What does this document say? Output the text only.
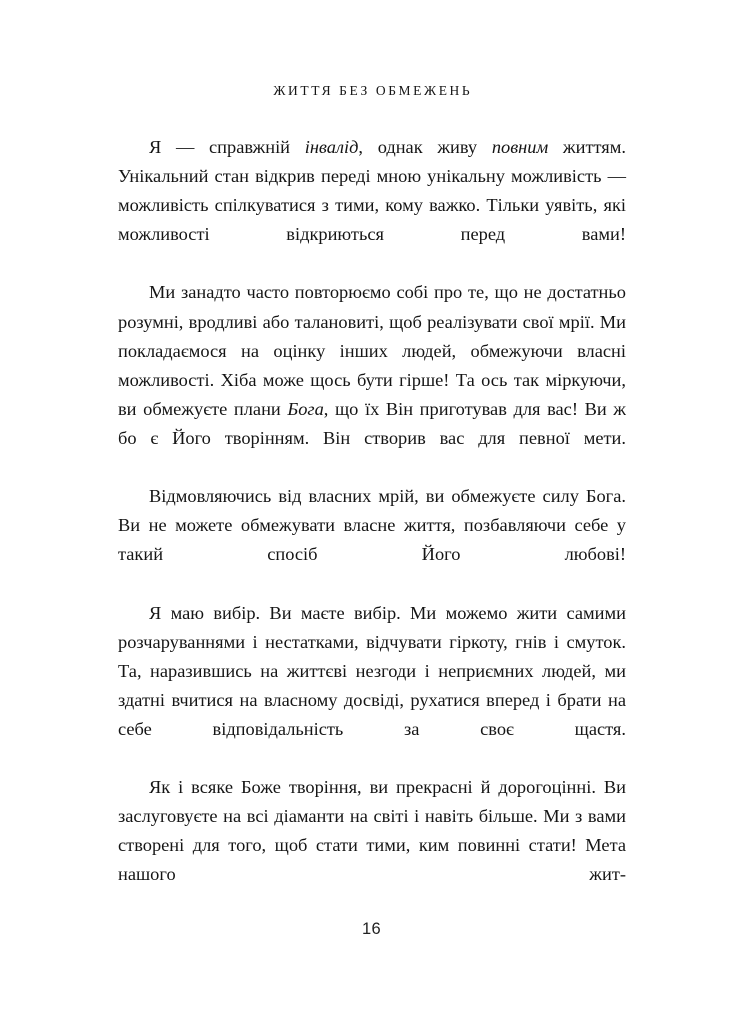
ЖИТТЯ БЕЗ ОБМЕЖЕНЬ

Я — справжній інвалід, однак живу повним життям. Унікальний стан відкрив переді мною унікальну можливість — можливість спілкуватися з тими, кому важко. Тільки уявіть, які можливості відкриються перед вами!

Ми занадто часто повторюємо собі про те, що не достатньо розумні, вродливі або талановиті, щоб реалізувати свої мрії. Ми покладаємося на оцінку інших людей, обмежуючи власні можливості. Хіба може щось бути гірше! Та ось так міркуючи, ви обмежуєте плани Бога, що їх Він приготував для вас! Ви ж бо є Його творінням. Він створив вас для певної мети.

Відмовляючись від власних мрій, ви обмежуєте силу Бога. Ви не можете обмежувати власне життя, позбавляючи себе у такий спосіб Його любові!

Я маю вибір. Ви маєте вибір. Ми можемо жити самими розчаруваннями і нестатками, відчувати гіркоту, гнів і смуток. Та, наразившись на життєві незгоди і неприємних людей, ми здатні вчитися на власному досвіді, рухатися вперед і брати на себе відповідальність за своє щастя.

Як і всяке Боже творіння, ви прекрасні й дорогоцінні. Ви заслуговуєте на всі діаманти на світі і навіть більше. Ми з вами створені для того, щоб стати тими, ким повинні стати! Мета нашого жит-

16
